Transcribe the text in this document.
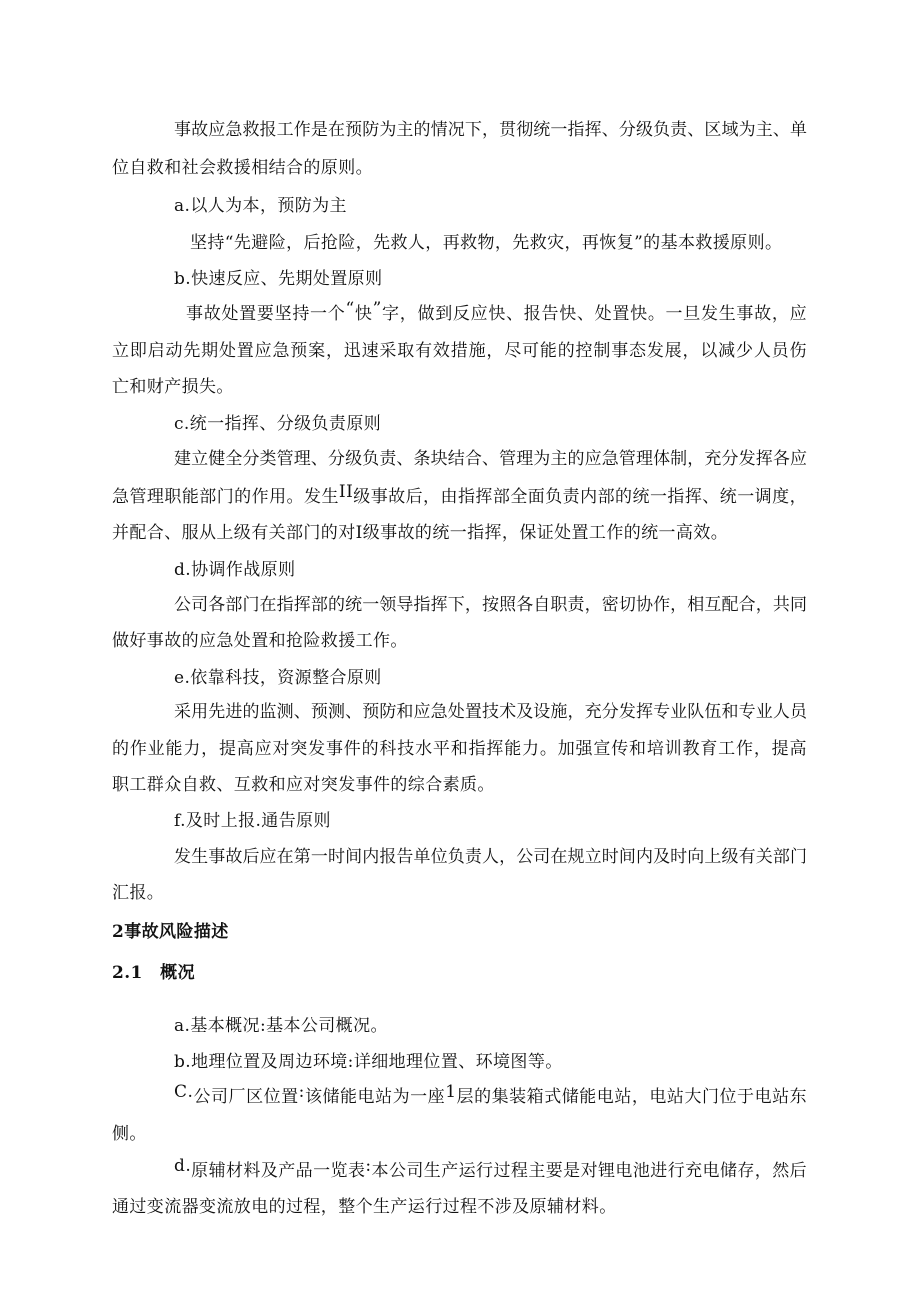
事 故 应 急 救 报 工 作 是 在 预 防 为 主 的 情 况 下 ， 贯 彻 统 一 指 挥 、 分 级 负 责 、 区 域 为 主 、 单
位自救和社会救援相结合的原则。
a.以人为本，预防为主
坚持“先避险，后抢险，先救人，再救物，先救灾，再恢复”的基本救援原则。
b.快速反应、先期处置原则
事 故 处 置 要 坚 持 一 个 “ 快 ” 字 ， 做 到 反 应 快 、 报 告 快 、 处 置 快 。 一 旦 发 生 事 故 ， 应
立 即 启 动 先 期 处 置 应 急 预 案 ， 迅 速 采 取 有 效 措 施 ， 尽 可 能 的 控 制 事 态 发 展 ， 以 减 少 人 员 伤
亡和财产损失。
c.统一指挥、分级负责原则
建 立 健 全 分 类 管 理 、 分 级 负 责 、 条 块 结 合 、 管 理 为 主 的 应 急 管 理 体 制 ， 充 分 发 挥 各 应
急 管 理 职 能 部 门 的 作 用 。 发 生 I I 级 事 故 后 ， 由 指 挥 部 全 面 负 责 内 部 的 统 一 指 挥 、 统 一 调 度 ，
并配合、服从上级有关部门的对Ⅰ级事故的统一指挥，保证处置工作的统一高效。
d.协调作战原则
公 司 各 部 门 在 指 挥 部 的 统 一 领 导 指 挥 下 ， 按 照 各 自 职 责 ， 密 切 协 作 ， 相 互 配 合 ， 共 同
做好事故的应急处置和抢险救援工作。
e.依靠科技，资源整合原则
采 用 先 进 的 监 测 、 预 测 、 预 防 和 应 急 处 置 技 术 及 设 施 ， 充 分 发 挥 专 业 队 伍 和 专 业 人 员
的 作 业 能 力 ， 提 高 应 对 突 发 事 件 的 科 技 水 平 和 指 挥 能 力 。 加 强 宣 传 和 培 训 教 育 工 作 ， 提 高
职工群众自救、互救和应对突发事件的综合素质。
f.及时上报.通告原则
发 生 事 故 后 应 在 第 一 时 间 内 报 告 单 位 负 责 人 ， 公 司 在 规 立 时 间 内 及 时 向 上 级 有 关 部 门
汇报。
2事故风险描述
2.1　概况
a.基本概况:基本公司概况。
b.地理位置及周边环境:详细地理位置、环境图等。
C . 公 司 厂 区 位 置 : 该 储 能 电 站 为 一 座 1 层 的 集 装 箱 式 储 能 电 站 ， 电 站 大 门 位 于 电 站 东
侧。
d . 原 辅 材 料 及 产 品 一 览 表 : 本 公 司 生 产 运 行 过 程 主 要 是 对 锂 电 池 进 行 充 电 储 存 ， 然 后
通过变流器变流放电的过程，整个生产运行过程不涉及原辅材料。
